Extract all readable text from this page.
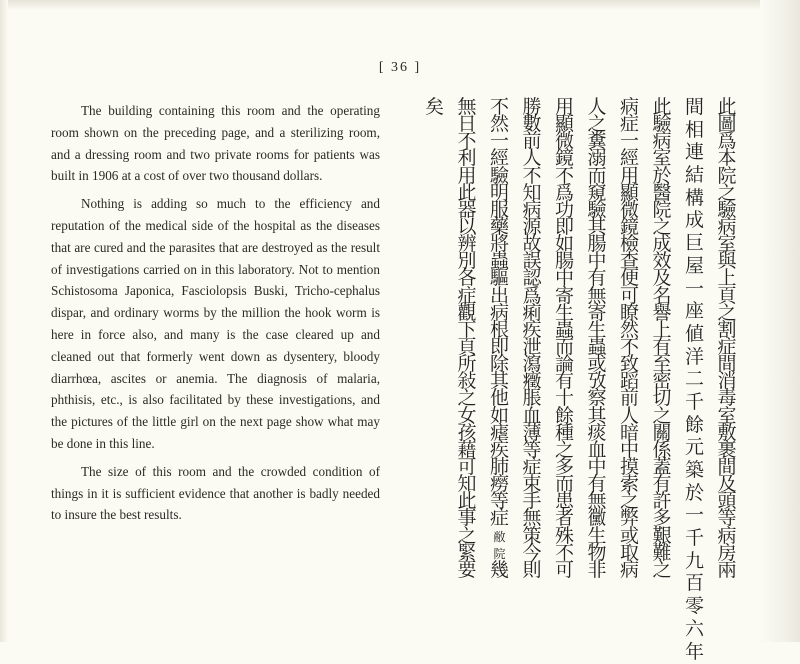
[ 36 ]

The building containing this room and the operating room shown on the preceding page, and a sterilizing room, and a dressing room and two private rooms for patients was built in 1906 at a cost of over two thousand dollars.

Nothing is adding so much to the efficiency and reputation of the medical side of the hospital as the diseases that are cured and the parasites that are destroyed as the result of investigations carried on in this laboratory. Not to mention Schistosoma Japonica, Fasciolopsis Buski, Tricho-cephalus dispar, and ordinary worms by the million the hook worm is here in force also, and many is the case cleared up and cleaned out that formerly went down as dysentery, bloody diarrhœa, ascites or anemia. The diagnosis of malaria, phthisis, etc., is also facilitated by these investigations, and the pictures of the little girl on the next page show what may be done in this line.

The size of this room and the crowded condition of things in it is sufficient evidence that another is badly needed to insure the best results.

此
圖
爲
本
院
之
驗
病
室
與
上
頁
之
割
症
間
消
毒
室
敷
裹
間
及
頭
等
病
房
兩
間
相
連
結
構
成
巨
屋
一
座
値
洋
二
千
餘
元
築
於
一
千
九
百
零
六
年
此
驗
病
室
於
醫
院
之
成
效
及
名
譽
上
有
至
密
切
之
關
係
蓋
有
許
多
艱
難
之
病
症
一
經
用
顯
微
鏡
檢
查
便
可
瞭
然
不
致
蹈
前
人
暗
中
摸
索
之
弊
或
取
病
人
之
糞
溺
而
窺
驗
其
腸
中
有
無
寄
生
蟲
或
攷
察
其
痰
血
中
有
無
黴
生
物
非
用
顯
微
鏡
不
爲
功
即
如
腸
中
寄
生
蟲
而
論
有
十
餘
種
之
多
而
患
者
殊
不
可
勝
數
前
人
不
知
病
源
故
誤
認
爲
痢
疾
泄
瀉
癥
脹
血
薄
等
症
束
手
無
策
今
則
不
然
一
經
驗
明
服
藥
將
蟲
驅
出
病
根
即
除
其
他
如
瘧
疾
肺
癆
等
症
敝
院
幾
無
日
不
利
用
此
器
以
辨
別
各
症
觀
下
頁
所
敍
之
女
孩
藉
可
知
此
事
之
緊
要
矣
